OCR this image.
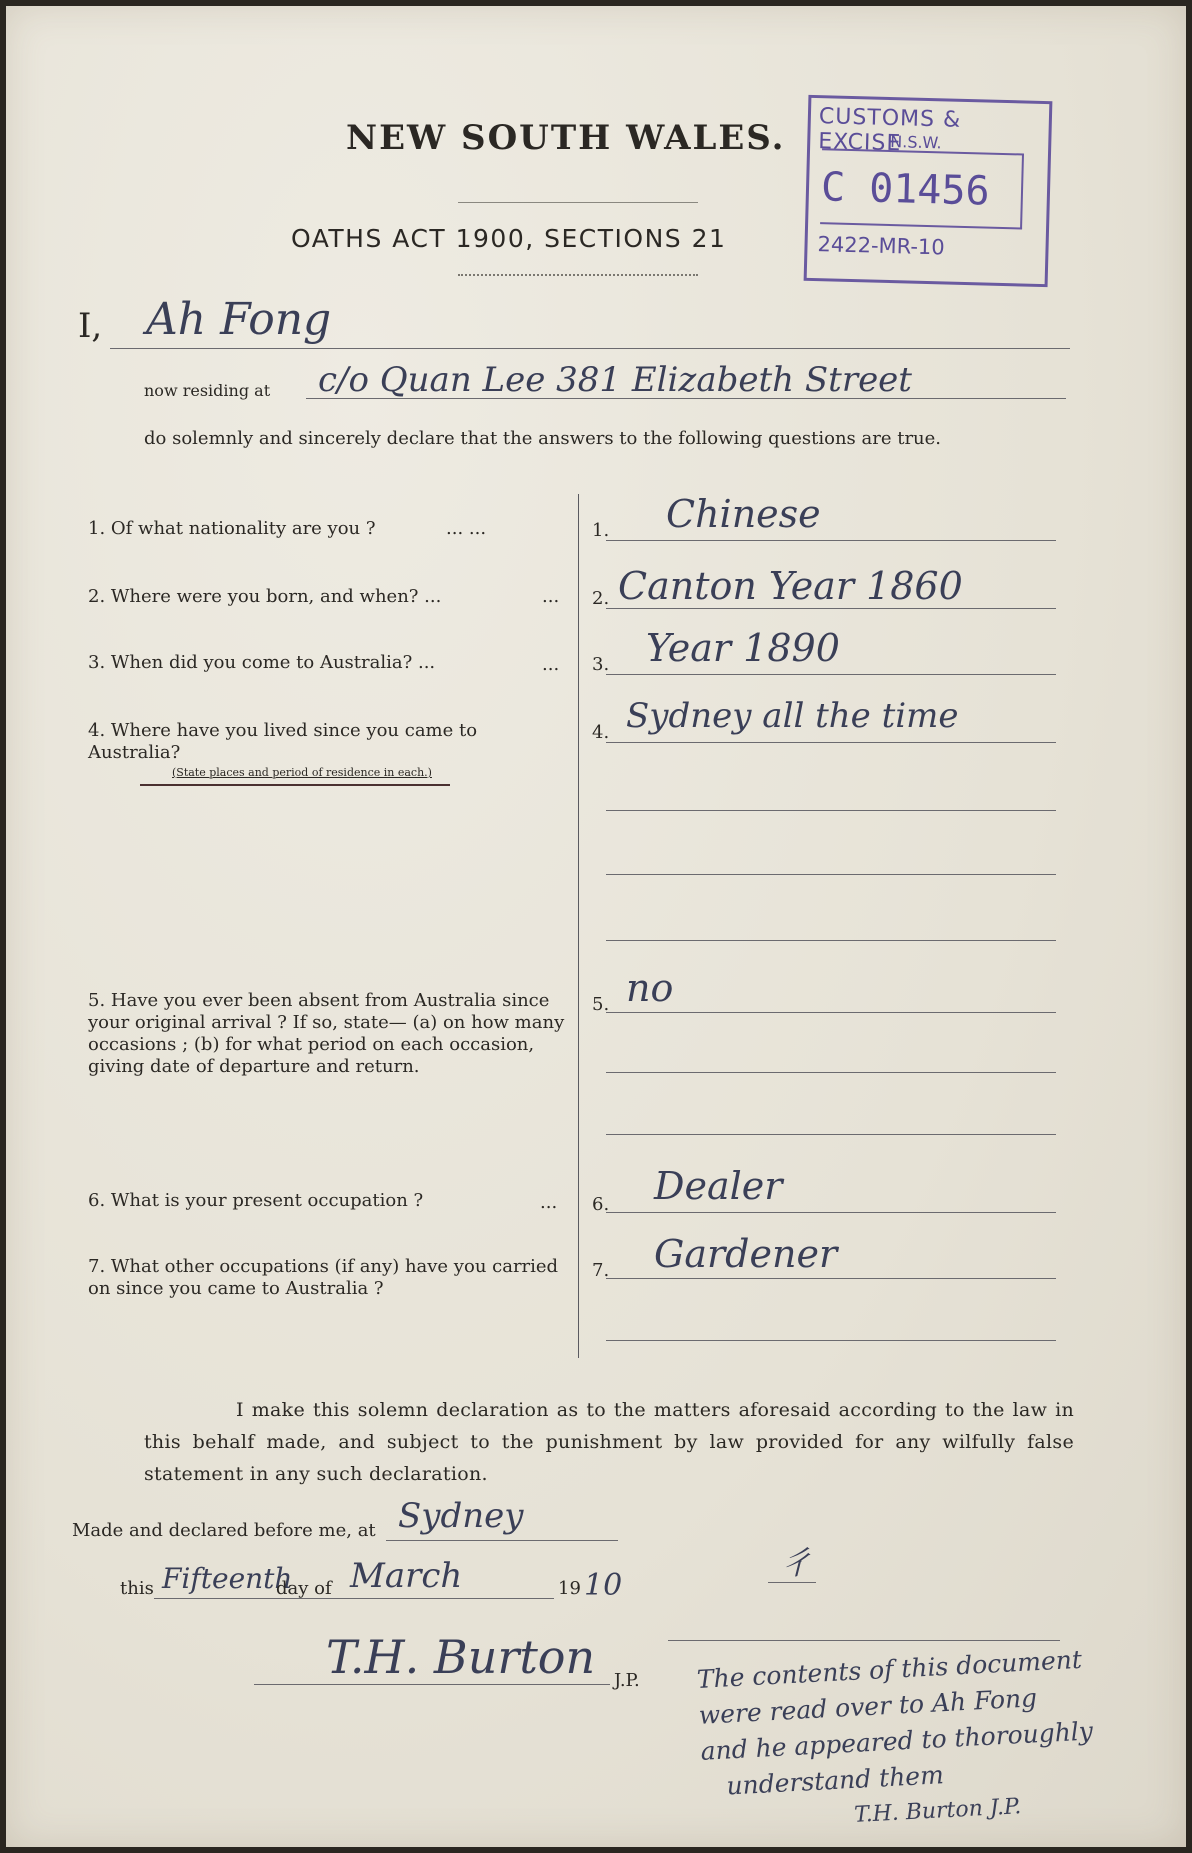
NEW SOUTH WALES.
OATHS ACT 1900, SECTIONS 21
CUSTOMS & EXCISE
N.S.W.
C 01456
2422-MR-10
I, Ah Fong
now residing at c/o Quan Lee 381 Elizabeth Street
do solemnly and sincerely declare that the answers to the following questions are true.
1. Of what nationality are you ?	... ...	1. Chinese
2. Where were you born, and when? ...	... 2. Canton Year 1860
3. When did you come to Australia? ...	... 3. Year 1890
4. Where have you lived since you came to Australia?
(State places and period of residence in each.)
4. Sydney all the time
5. Have you ever been absent from Australia since your original arrival ? If so, state— (a) on how many occasions ; (b) for what period on each occasion, giving date of departure and return.
5. no
6. What is your present occupation ?	... 6. Dealer
7. What other occupations (if any) have you carried on since you came to Australia ?
7. Gardener
I make this solemn declaration as to the matters aforesaid according to the law in this behalf made, and subject to the punishment by law provided for any wilfully false statement in any such declaration.
Made and declared before me, at Sydney
this Fifteenth
day of March	19 10
T.H. Burton J.P.
⼻
The contents of this document
were read over to Ah Fong
and he appeared to thoroughly
understand them
T.H. Burton J.P.
